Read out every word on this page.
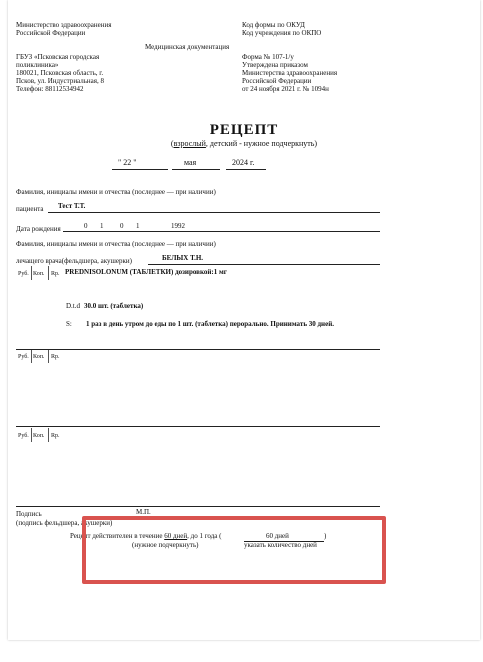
Министерство здравоохранения
Российской Федерации
ГБУЗ «Псковская городская
поликлиника»
180021, Псковская область, г.
Псков, ул. Индустриальная, 8
Телефон: 88112534942
Медицинская документация
Код формы по ОКУД
Код учреждения по ОКПО
Форма № 107-1/у
Утверждена приказом
Министерства здравоохранения
Российской Федерации
от 24 ноября 2021 г. № 1094н
РЕЦЕПТ
(взрослый, детский - нужное подчеркнуть)
" 22 "	мая	2024 г.
Фамилия, инициалы имени и отчества (последнее — при наличии)
пациента Тест Т.Т.
Дата рождения	0 1 0 1	1992
Фамилия, инициалы имени и отчества (последнее — при наличии)
лечащего врача(фельдшера, акушерки)	БЕЛЫХ Т.Н.
Руб. Коп. Rp. PREDNISOLONUM (ТАБЛЕТКИ) дозировкой:1 мг
D.t.d 30.0 шт. (таблетка)
S: 1 раз в день утром до еды по 1 шт. (таблетка) перорально. Принимать 30 дней.
Руб. Коп. Rp.
Руб. Коп. Rp.
Подпись	М.П.
(подпись фельдшера, акушерки)
Рецепт действителен в течение 60 дней, до 1 года (	60 дней	)
(нужное подчеркнуть)	указать количество дней
